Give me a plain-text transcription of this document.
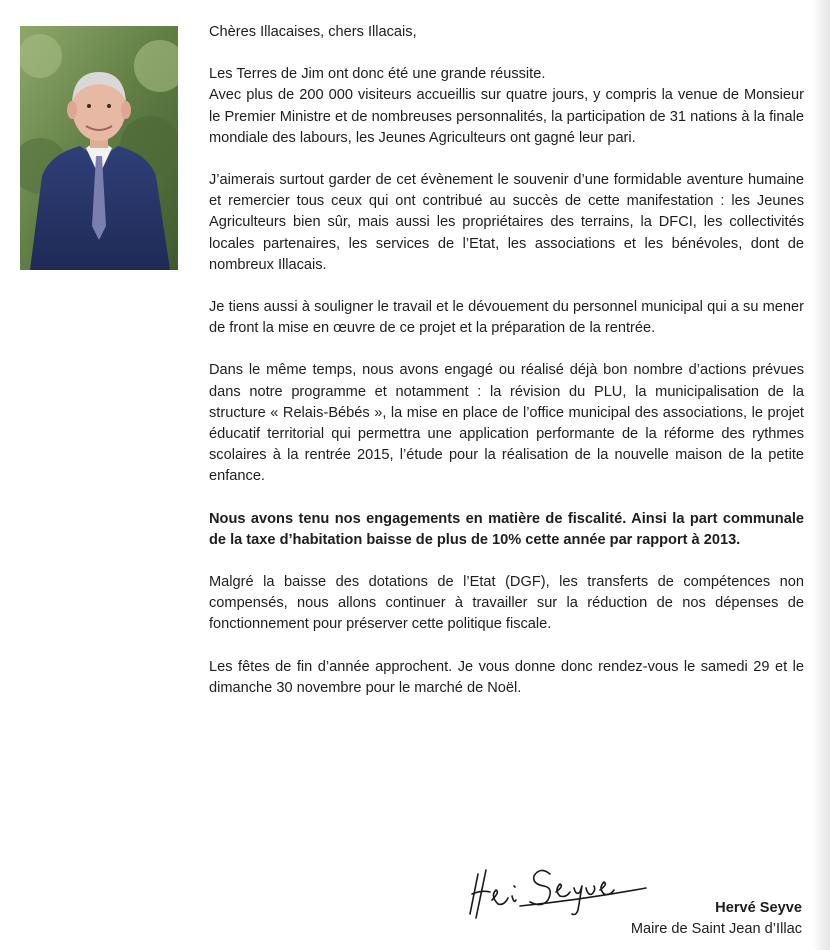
Chères Illacaises, chers Illacais,

Les Terres de Jim ont donc été une grande réussite.
Avec plus de 200 000 visiteurs accueillis sur quatre jours, y compris la venue de Monsieur le Premier Ministre et de nombreuses personnalités, la participation de 31 nations à la finale mondiale des labours, les Jeunes Agriculteurs ont gagné leur pari.

J’aimerais surtout garder de cet évènement le souvenir d’une formidable aventure humaine et remercier tous ceux qui ont contribué au succès de cette manifestation : les Jeunes Agriculteurs bien sûr, mais aussi les propriétaires des terrains, la DFCI, les collectivités locales partenaires, les services de l’Etat, les associations et les bénévoles, dont de nombreux Illacais.

Je tiens aussi à souligner le travail et le dévouement du personnel municipal qui a su mener de front la mise en œuvre de ce projet et la préparation de la rentrée.

Dans le même temps, nous avons engagé ou réalisé déjà bon nombre d’actions prévues dans notre programme et notamment : la révision du PLU, la municipalisation de la structure « Relais-Bébés », la mise en place de l’office municipal des associations, le projet éducatif territorial qui permettra une application performante de la réforme des rythmes scolaires à la rentrée 2015, l’étude pour la réalisation de la nouvelle maison de la petite enfance.

Nous avons tenu nos engagements en matière de fiscalité. Ainsi la part communale de la taxe d’habitation baisse de plus de 10% cette année par rapport à 2013.

Malgré la baisse des dotations de l’Etat (DGF), les transferts de compétences non compensés, nous allons continuer à travailler sur la réduction de nos dépenses de fonctionnement pour préserver cette politique fiscale.

Les fêtes de fin d’année approchent. Je vous donne donc rendez-vous le samedi 29 et le dimanche 30 novembre pour le marché de Noël.

Hervé Seyve
Maire de Saint Jean d’Illac
